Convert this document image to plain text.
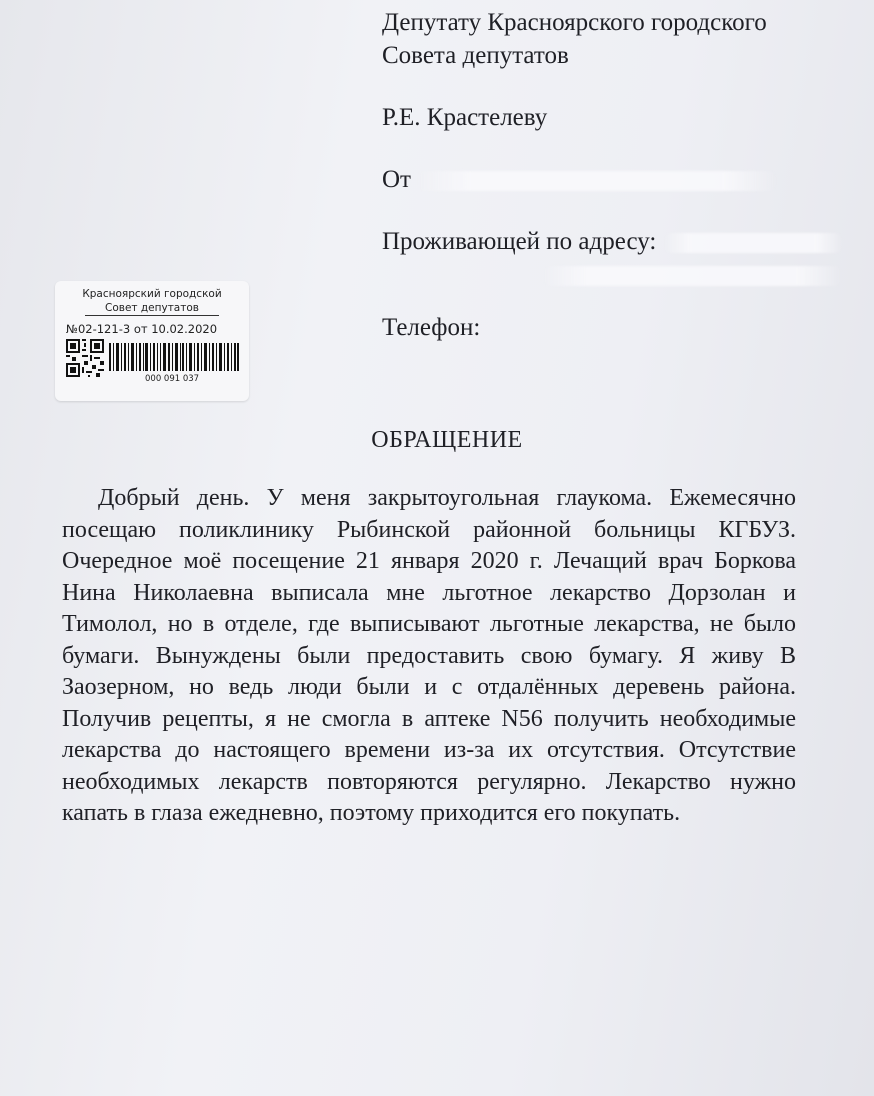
Депутату Красноярского городского
Совета депутатов
Р.Е. Крастелеву
От
Проживающей по адресу:
Телефон:
Красноярский городской
Совет депутатов
№02-121-3 от 10.02.2020
000 091 037
ОБРАЩЕНИЕ
Добрый день. У меня закрытоугольная глаукома. Ежемесячно посещаю поликлинику Рыбинской районной больницы КГБУЗ. Очередное моё посещение 21 января 2020 г. Лечащий врач Боркова Нина Николаевна выписала мне льготное лекарство Дорзолан и Тимолол, но в отделе, где выписывают льготные лекарства, не было бумаги. Вынуждены были предоставить свою бумагу. Я живу В Заозерном, но ведь люди были и с отдалённых деревень района. Получив рецепты, я не смогла в аптеке N56 получить необходимые лекарства до настоящего времени из-за их отсутствия. Отсутствие необходимых лекарств повторяются регулярно. Лекарство нужно капать в глаза ежедневно, поэтому приходится его покупать.
